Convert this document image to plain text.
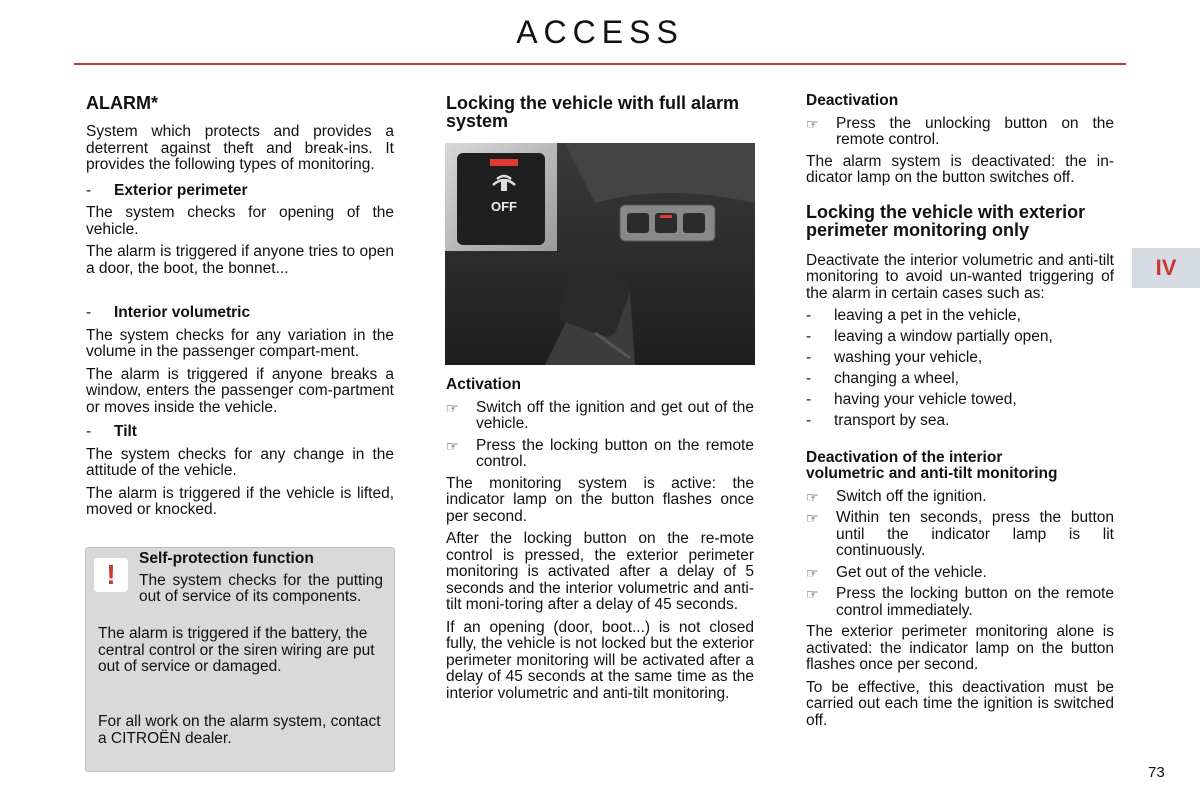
ACCESS
IV
73
ALARM*

System which protects and provides a deterrent against theft and break-ins. It provides the following types of monitoring.

-	Exterior perimeter

The system checks for opening of the vehicle.

The alarm is triggered if anyone tries to open a door, the boot, the bonnet...

-	Interior volumetric

The system checks for any variation in the volume in the passenger compart-ment.

The alarm is triggered if anyone breaks a window, enters the passenger com-partment or moves inside the vehicle.

-	Tilt

The system checks for any change in the attitude of the vehicle.

The alarm is triggered if the vehicle is lifted, moved or knocked.

!
Self-protection function

The system checks for the putting out of service of its components.

The alarm is triggered if the battery, the central control or the siren wiring are put out of service or damaged.

For all work on the alarm system, contact a CITROËN dealer.

Locking the vehicle with full alarm system
OFF
Activation
☞	Switch off the ignition and get out of the vehicle.
☞	Press the locking button on the remote control.

The monitoring system is active: the indicator lamp on the button flashes once per second.

After the locking button on the re-mote control is pressed, the exterior perimeter monitoring is activated after a delay of 5 seconds and the interior volumetric and anti-tilt moni-toring after a delay of 45 seconds.

If an opening (door, boot...) is not closed fully, the vehicle is not locked but the exterior perimeter monitoring will be activated after a delay of 45 seconds at the same time as the interior volumetric and anti-tilt monitoring.

Deactivation
☞	Press the unlocking button on the remote control.

The alarm system is deactivated: the in-dicator lamp on the button switches off.

Locking the vehicle with exterior perimeter monitoring only

Deactivate the interior volumetric and anti-tilt monitoring to avoid un-wanted triggering of the alarm in certain cases such as:

-	leaving a pet in the vehicle,
-	leaving a window partially open,
-	washing your vehicle,
-	changing a wheel,
-	having your vehicle towed,
-	transport by sea.
Deactivation of the interior volumetric and anti-tilt monitoring
☞	Switch off the ignition.
☞	Within ten seconds, press the button until the indicator lamp is lit continuously.
☞	Get out of the vehicle.
☞	Press the locking button on the remote control immediately.

The exterior perimeter monitoring alone is activated: the indicator lamp on the button flashes once per second.

To be effective, this deactivation must be carried out each time the ignition is switched off.
